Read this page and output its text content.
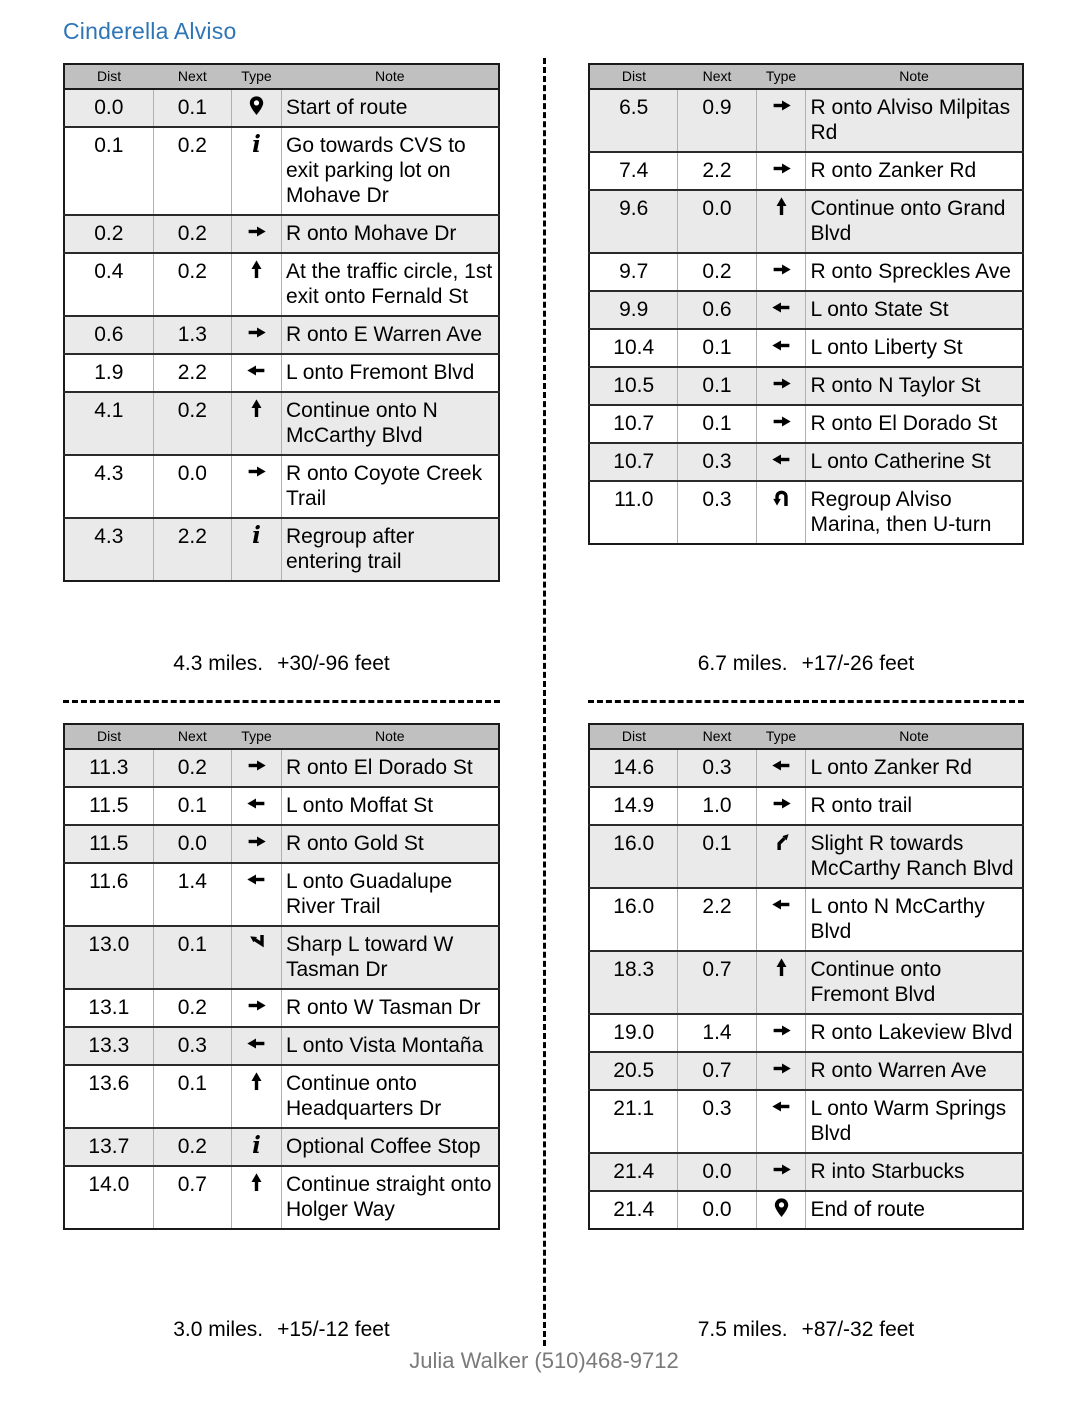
Cinderella Alviso
Dist	Next	Type	Note
0.0	0.1		Start of route
0.1	0.2	i	Go towards CVS to exit parking lot on Mohave Dr
0.2	0.2		R onto Mohave Dr
0.4	0.2		At the traffic circle, 1st exit onto Fernald St
0.6	1.3		R onto E Warren Ave
1.9	2.2		L onto Fremont Blvd
4.1	0.2		Continue onto N McCarthy Blvd
4.3	0.0		R onto Coyote Creek Trail
4.3	2.2	i	Regroup after entering trail
Dist	Next	Type	Note
6.5	0.9		R onto Alviso Milpitas Rd
7.4	2.2		R onto Zanker Rd
9.6	0.0		Continue onto Grand Blvd
9.7	0.2		R onto Spreckles Ave
9.9	0.6		L onto State St
10.4	0.1		L onto Liberty St
10.5	0.1		R onto N Taylor St
10.7	0.1		R onto El Dorado St
10.7	0.3		L onto Catherine St
11.0	0.3		Regroup Alviso Marina, then U-turn
4.3 miles. +30/-96 feet	6.7 miles. +17/-26 feet
Dist	Next	Type	Note
11.3	0.2		R onto El Dorado St
11.5	0.1		L onto Moffat St
11.5	0.0		R onto Gold St
11.6	1.4		L onto Guadalupe River Trail
13.0	0.1		Sharp L toward W Tasman Dr
13.1	0.2		R onto W Tasman Dr
13.3	0.3		L onto Vista Montaña
13.6	0.1		Continue onto Headquarters Dr
13.7	0.2	i	Optional Coffee Stop
14.0	0.7		Continue straight onto Holger Way
Dist	Next	Type	Note
14.6	0.3		L onto Zanker Rd
14.9	1.0		R onto trail
16.0	0.1		Slight R towards McCarthy Ranch Blvd
16.0	2.2		L onto N McCarthy Blvd
18.3	0.7		Continue onto Fremont Blvd
19.0	1.4		R onto Lakeview Blvd
20.5	0.7		R onto Warren Ave
21.1	0.3		L onto Warm Springs Blvd
21.4	0.0		R into Starbucks
21.4	0.0		End of route
3.0 miles. +15/-12 feet	7.5 miles. +87/-32 feet
Julia Walker (510)468-9712
